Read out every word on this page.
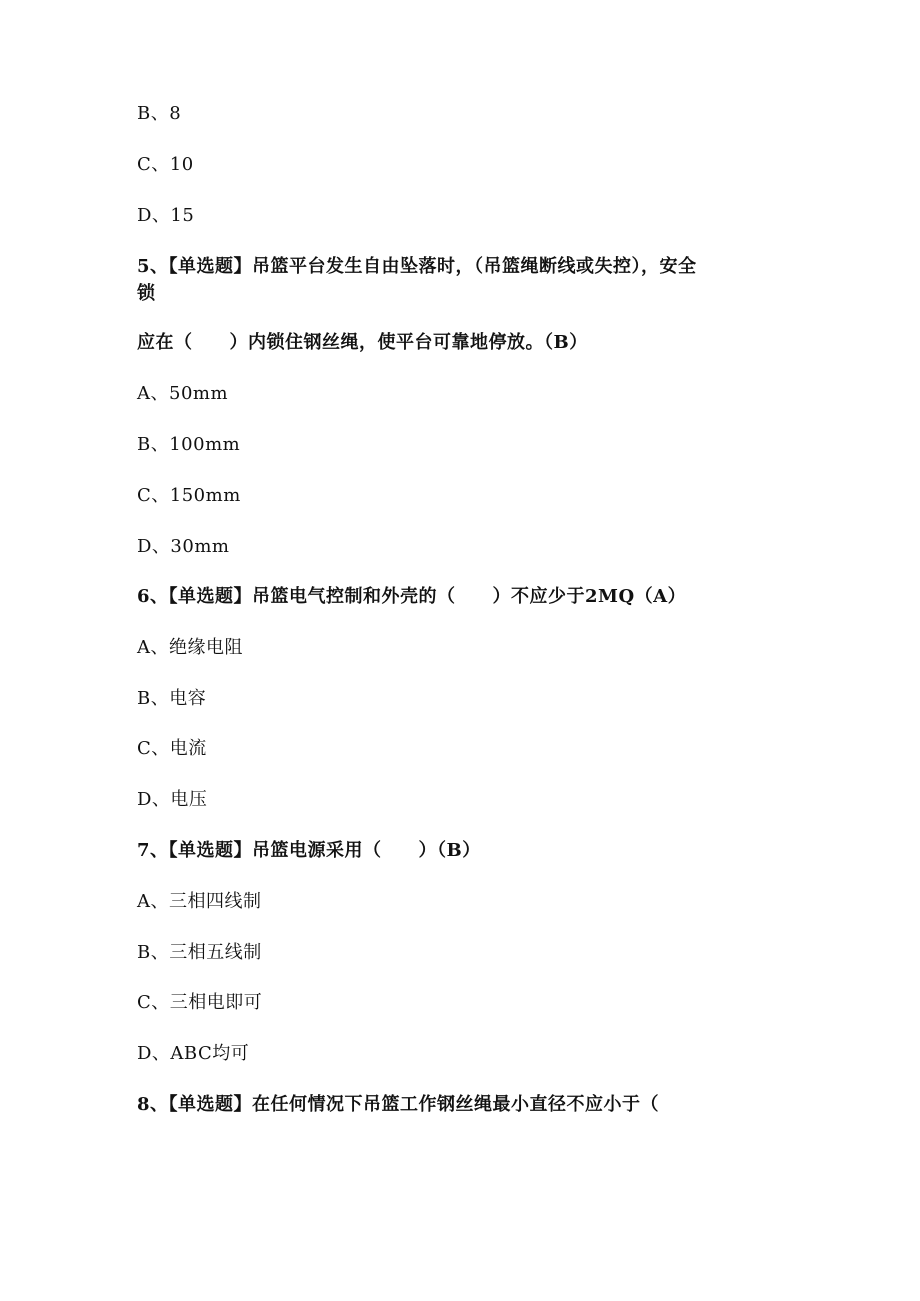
B、8
C、10
D、15
5、【单选题】吊篮平台发生自由坠落时，（吊篮绳断线或失控），安全
锁
应在（　　）内锁住钢丝绳，使平台可靠地停放。（B）
A、50mm
B、100mm
C、150mm
D、30mm
6、【单选题】吊篮电气控制和外壳的（　　）不应少于2MQ（A）
A、绝缘电阻
B、电容
C、电流
D、电压
7、【单选题】吊篮电源采用（　　）（B）
A、三相四线制
B、三相五线制
C、三相电即可
D、ABC均可
8、【单选题】在任何情况下吊篮工作钢丝绳最小直径不应小于（
